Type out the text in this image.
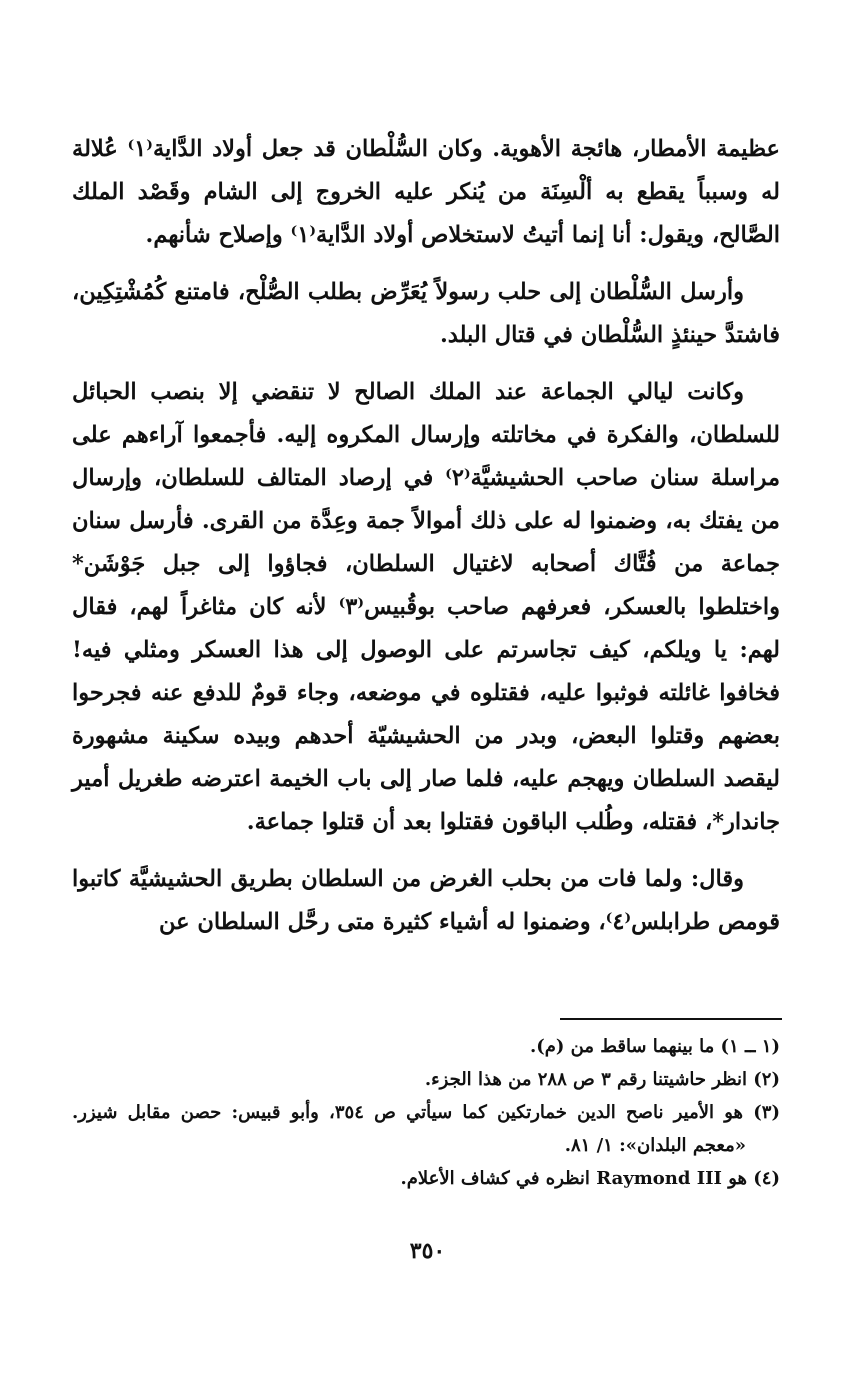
عظيمة الأمطار، هائجة الأهوية. وكان السُّلْطان قد جعل أولاد الدَّاية⁽١⁾ عُلالة له وسبباً يقطع به ألْسِنَة من يُنكر عليه الخروج إلى الشام وقَصْد الملك الصَّالح، ويقول: أنا إنما أتيتُ لاستخلاص أولاد الدَّاية⁽١⁾ وإصلاح شأنهم.

وأرسل السُّلْطان إلى حلب رسولاً يُعَرِّض بطلب الصُّلْح، فامتنع كُمُشْتِكِين، فاشتدَّ حينئذٍ السُّلْطان في قتال البلد.

وكانت ليالي الجماعة عند الملك الصالح لا تنقضي إلا بنصب الحبائل للسلطان، والفكرة في مخاتلته وإرسال المكروه إليه. فأجمعوا آراءهم على مراسلة سنان صاحب الحشيشيَّة⁽٢⁾ في إرصاد المتالف للسلطان، وإرسال من يفتك به، وضمنوا له على ذلك أموالاً جمة وعِدَّة من القرى. فأرسل سنان جماعة من فُتَّاك أصحابه لاغتيال السلطان، فجاؤوا إلى جبل جَوْشَن* واختلطوا بالعسكر، فعرفهم صاحب بوقُبيس⁽٣⁾ لأنه كان مثاغراً لهم، فقال لهم: يا ويلكم، كيف تجاسرتم على الوصول إلى هذا العسكر ومثلي فيه! فخافوا غائلته فوثبوا عليه، فقتلوه في موضعه، وجاء قومٌ للدفع عنه فجرحوا بعضهم وقتلوا البعض، وبدر من الحشيشيّة أحدهم وبيده سكينة مشهورة ليقصد السلطان ويهجم عليه، فلما صار إلى باب الخيمة اعترضه طغريل أمير جاندار*، فقتله، وطُلب الباقون فقتلوا بعد أن قتلوا جماعة.

وقال: ولما فات من بحلب الغرض من السلطان بطريق الحشيشيَّة كاتبوا قومص طرابلس⁽٤⁾، وضمنوا له أشياء كثيرة متى رحَّل السلطان عن

(١ ــ ١) ما بينهما ساقط من (م).

(٢) انظر حاشيتنا رقم ٣ ص ٢٨٨ من هذا الجزء.

(٣) هو الأمير ناصح الدين خمارتكين كما سيأتي ص ٣٥٤، وأبو قبيس: حصن مقابل شيزر. «معجم البلدان»: ١/ ٨١.

(٤) هو Raymond III انظره في كشاف الأعلام.

٣٥٠
